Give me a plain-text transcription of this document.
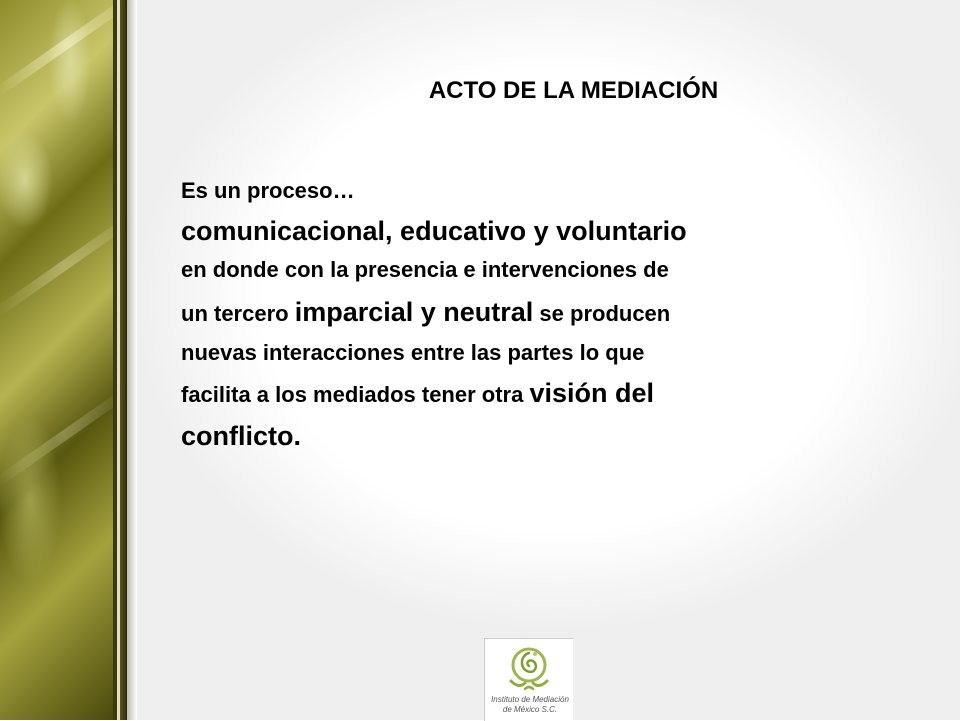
ACTO DE LA MEDIACIÓN
Es un proceso…
comunicacional, educativo y voluntario
en donde con la presencia e intervenciones de
un tercero imparcial y neutral se producen
nuevas interacciones entre las partes lo que
facilita a los mediados tener otra visión del
conflicto.
Instituto de Mediación
de México S.C.
